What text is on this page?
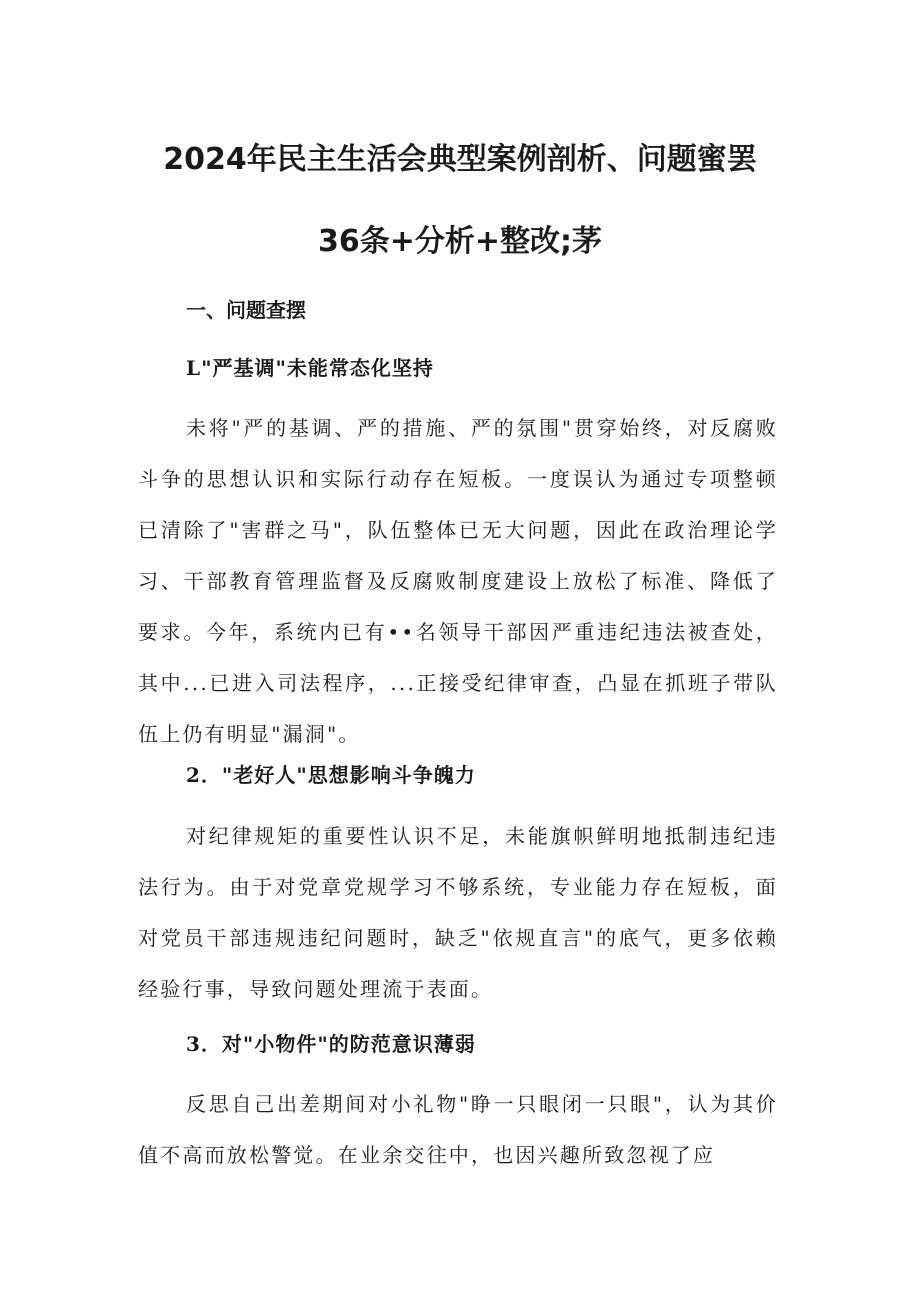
2024年民主生活会典型案例剖析、问题蜜罢
36条+分析+整改;茅
一、问题查摆
L"严基调"未能常态化坚持

未将"严的基调、严的措施、严的氛围"贯穿始终，对反腐败斗争的思想认识和实际行动存在短板。一度误认为通过专项整顿已清除了"害群之马"，队伍整体已无大问题，因此在政治理论学习、干部教育管理监督及反腐败制度建设上放松了标准、降低了要求。今年，系统内已有••名领导干部因严重违纪违法被查处，其中...已进入司法程序，...正接受纪律审查，凸显在抓班子带队伍上仍有明显"漏洞"。

2．"老好人"思想影响斗争魄力

对纪律规矩的重要性认识不足，未能旗帜鲜明地抵制违纪违法行为。由于对党章党规学习不够系统，专业能力存在短板，面对党员干部违规违纪问题时，缺乏"依规直言"的底气，更多依赖经验行事，导致问题处理流于表面。

3．对"小物件"的防范意识薄弱

反思自己出差期间对小礼物"睁一只眼闭一只眼"，认为其价值不高而放松警觉。在业余交往中，也因兴趣所致忽视了应
